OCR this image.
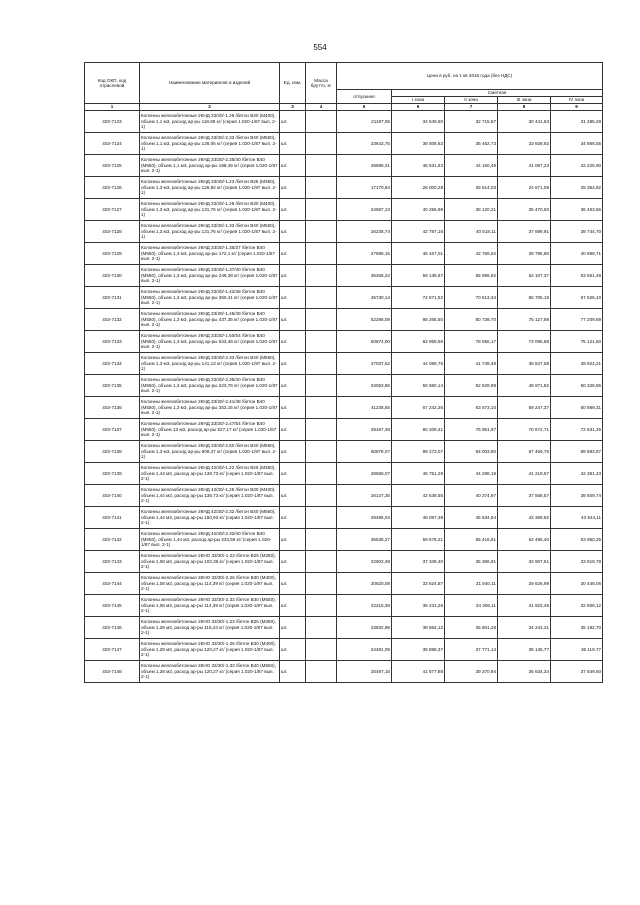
554
Код ОКП, код отраслевой	Наименование материалов и изделий	Ед. изм.	Масса брутто, кг	Цена в руб. на 1 кв 2016 года (без НДС)				
				отпускная	Сметная			
					I зона	II зона	III зона	IV зона
1	2	3	4	5	6	7	8	9
403-7123	Колонны железобетонные 2КНД 33/30/-1.26 /бетон В30 (М400), объем 1,1 м3, расход ар-ры 118,69 кг/ (серия 1.020-1/87 вып. 2-1)	шт.		21187,06	34 549,50	32 715,67	30 441,63	31 285,29
403-7124	Колонны железобетонные 2КНД 33/30/-2.33 /бетон В40 (М550), объем 1,1 м3, расход ар-ры 128,05 кг/ (серия 1.020-1/87 вып. 2-1)	шт.		23643,75	38 506,62	36 462,73	33 928,92	34 868,55
403-7125	Колонны железобетонные 2КНД 33/30/-2.35/40 /бетон В40 (М550), объем 1,1 м3, расход ар-ры 188,49 кг/ (серия 1.020-1/87 вып. 2-1)	шт.		28596,31	46 531,63	44 150,49	41 087,23	42 225,90
403-7126	Колонны железобетонные 2КНД 33/30/-1.23 /бетон В25 (М350), объем 1,3 м3, расход ар-ры 126,92 кг/ (серия 1.020-1/87 вып. 2-1)	шт.		17170,84	28 000,28	26 514,03	24 671,09	25 354,82
403-7127	Колонны железобетонные 2КНД 33/30/-1.28 /бетон В30 (М400), объем 1,3 м3, расход ар-ры 131,76 кг/ (серия 1.020-1/87 вып. 2-1)	шт.		24687,13	40 256,99	38 120,21	35 470,50	36 453,56
403-7128	Колонны железобетонные 2КНД 33/30/-1.33 /бетон В40 (М550), объем 1,3 м3, расход ар-ры 131,76 кг/ (серия 1.020-1/87 вып. 2-1)	шт.		26235,74	42 787,16	40 518,11	37 699,91	38 744,70
403-7129	Колонны железобетонные 2КНД 33/30/-1.35/37 /бетон В40 (М550), объем 1,3 м3, расход ар-ры 172,1 кг/ (серия 1.020-1/87 вып. 2-1)	шт.		27696,15	45 167,01	42 769,62	39 796,80	40 899,71
403-7130	Колонны железобетонные 2КНД 33/30/-1.37/40 /бетон В40 (М550), объем 1,3 м3, расход ар-ры 249,39 кг/ (серия 1.020-1/87 вып. 2-1)	шт.		36266,22	59 139,67	55 999,82	52 107,37	53 551,49
403-7131	Колонны железобетонные 2КНД 33/30/-1.42/48 /бетон В40 (М550), объем 1,3 м3, расход ар-ры 360,41 кг/ (серия 1.020-1/87 вып. 2-1)	шт.		45730,14	74 571,52	70 613,34	65 705,19	67 526,10
403-7132	Колонны железобетонные 2КНД 33/30/-1.45/49 /бетон В40 (М550), объем 1,3 м3, расход ар-ры 437,35 кг/ (серия 1.020-1/87 вып. 2-1)	шт.		52286,09	85 265,50	80 739,70	75 127,98	77 209,69
403-7133	Колонны железобетонные 2КНД 33/30/-1.50/54 /бетон В40 (М550), объем 1,3 м3, расход ар-ры 533,48 кг/ (серия 1.020-1/87 вып. 2-1)	шт.		50874,00	82 959,56	78 556,17	73 095,88	75 121,60
403-7134	Колонны железобетонные 2КНД 33/30/-2.33 /бетон В40 (М550), объем 1,3 м3, расход ар-ры 141,13 кг/ (серия 1.020-1/87 вып. 2-1)	шт.		27037,52	44 089,76	41 749,48	38 847,58	39 924,21
403-7135	Колонны железобетонные 2КНД 33/30/-2.35/40 /бетон В40 (М550), объем 1,3 м3, расход ар-ры 223,76 кг/ (серия 1.020-1/87 вып. 2-1)	шт.		34063,86	55 580,14	52 629,99	48 971,82	50 328,96
403-7136	Колонны железобетонные 2КНД 33/30/-2.41/48 /бетон В40 (М550), объем 1,3 м3, расход ар-ры 353,15 кг/ (серия 1.020-1/87 вып. 2-1)	шт.		41235,55	67 242,26	63 673,10	59 247,37	60 889,31
403-7137	Колонны железобетонные 2КНД 33/30/-2.47/54 /бетон В40 (М550), объем 13 м3, расход ар-ры 527,17 кг/ (серия 1.020-1/87 вып. 2-1)	шт.		49167,49	80 209,41	75 951,97	70 672,71	72 631,26
403-7138	Колонны железобетонные 2КНД 33/30/-2.50 /бетон В40 (М550), объем 1,3 м3, расход ар-ры 609,47 кг/ (серия 1.020-1/87 вып. 2-1)	шт.		60878,07	99 273,07	94 003,80	87 469,76	89 893,87
403-7139	Колонны железобетонные 2КНД 42/30/-1.22 /бетон В25 (М350), объем 1,44 м3, расход ар-ры 138,73 кг/ (серия 1.020-1/87 вып. 2-1)	шт.		28668,07	46 751,29	44 298,19	41 219,57	42 361,43
403-7140	Колонны железобетонные 2КНД 42/30/-1.25 /бетон В30 (М400), объем 1,44 м3, расход ар-ры 138,73 кг/ (серия 1.020-1/87 вып. 2-1)	шт.		26147,35	42 638,55	40 374,97	37 568,57	38 609,74
403-7141	Колонны железобетонные 2КНД 42/30/-2.32 /бетон В40 (М550), объем 1,44 м3, расход ар-ры 150,93 кг/ (серия 1.020-1/87 вып. 2-1)	шт.		29485,04	48 087,39	45 534,94	42 369,92	43 544,11
403-7142	Колонны железобетонные 2КНД 42/30/-2.32/40 /бетон В40 (М550), объем 1,44 м3, расход ар-ры 233,56 кг/ (серия 1.020-1/87 вып. 2-1)	шт.		36536,27	59 578,21	56 416,81	52 495,40	53 950,25
403-7143	Колонны железобетонные 2КНО 33/30/-1.23 /бетон В25 (М350), объем 1,08 м3, расход ар-ры 102,36 кг/ (серия 1.020-1/87 вып. 2-1)	шт.		22903,49	37 348,40	35 366,91	32 907,51	33 819,78
403-7144	Колонны железобетонные 2КНО 33/30/-2.26 /бетон В30 (М400), объем 1,08 м3, расход ар-ры 114,39 кг/ (серия 1.020-1/87 вып. 2-1)	шт.		20620,08	33 624,87	31 840,11	29 626,99	30 448,06
403-7145	Колонны железобетонные 2КНО 33/30/-2.33 /бетон В40 (М550), объем 1,08 м3, расход ар-ры 114,39 кг/ (серия 1.020-1/87 вып. 2-1)	шт.		22215,39	36 231,26	34 306,11	31 923,45	32 808,12
403-7146	Колонны железобетонные 2КНО 33/30/-1.23 /бетон В25 (М350), объем 1,28 м3, расход ар-ры 115,44 кг/ (серия 1.020-1/87 вып. 2-1)	шт.		23832,99	38 864,12	36 801,28	34 243,31	35 192,70
403-7147	Колонны железобетонные 2КНО 33/30/-1.26 /бетон В30 (М400), объем 1,28 м3, расход ар-ры 120,27 кг/ (серия 1.020-1/87 вып. 2-1)	шт.		24481,09	39 888,37	37 771,14	35 145,77	36 119,77
403-7148	Колонны железобетонные 2КНО 33/30/-1.33 /бетон В40 (М550), объем 1,28 м3, расход ар-ры 120,27 кг/ (серия 1.020-1/87 вып. 2-1)	шт.		25497,15	41 577,88	39 370,94	36 634,34	37 649,60
